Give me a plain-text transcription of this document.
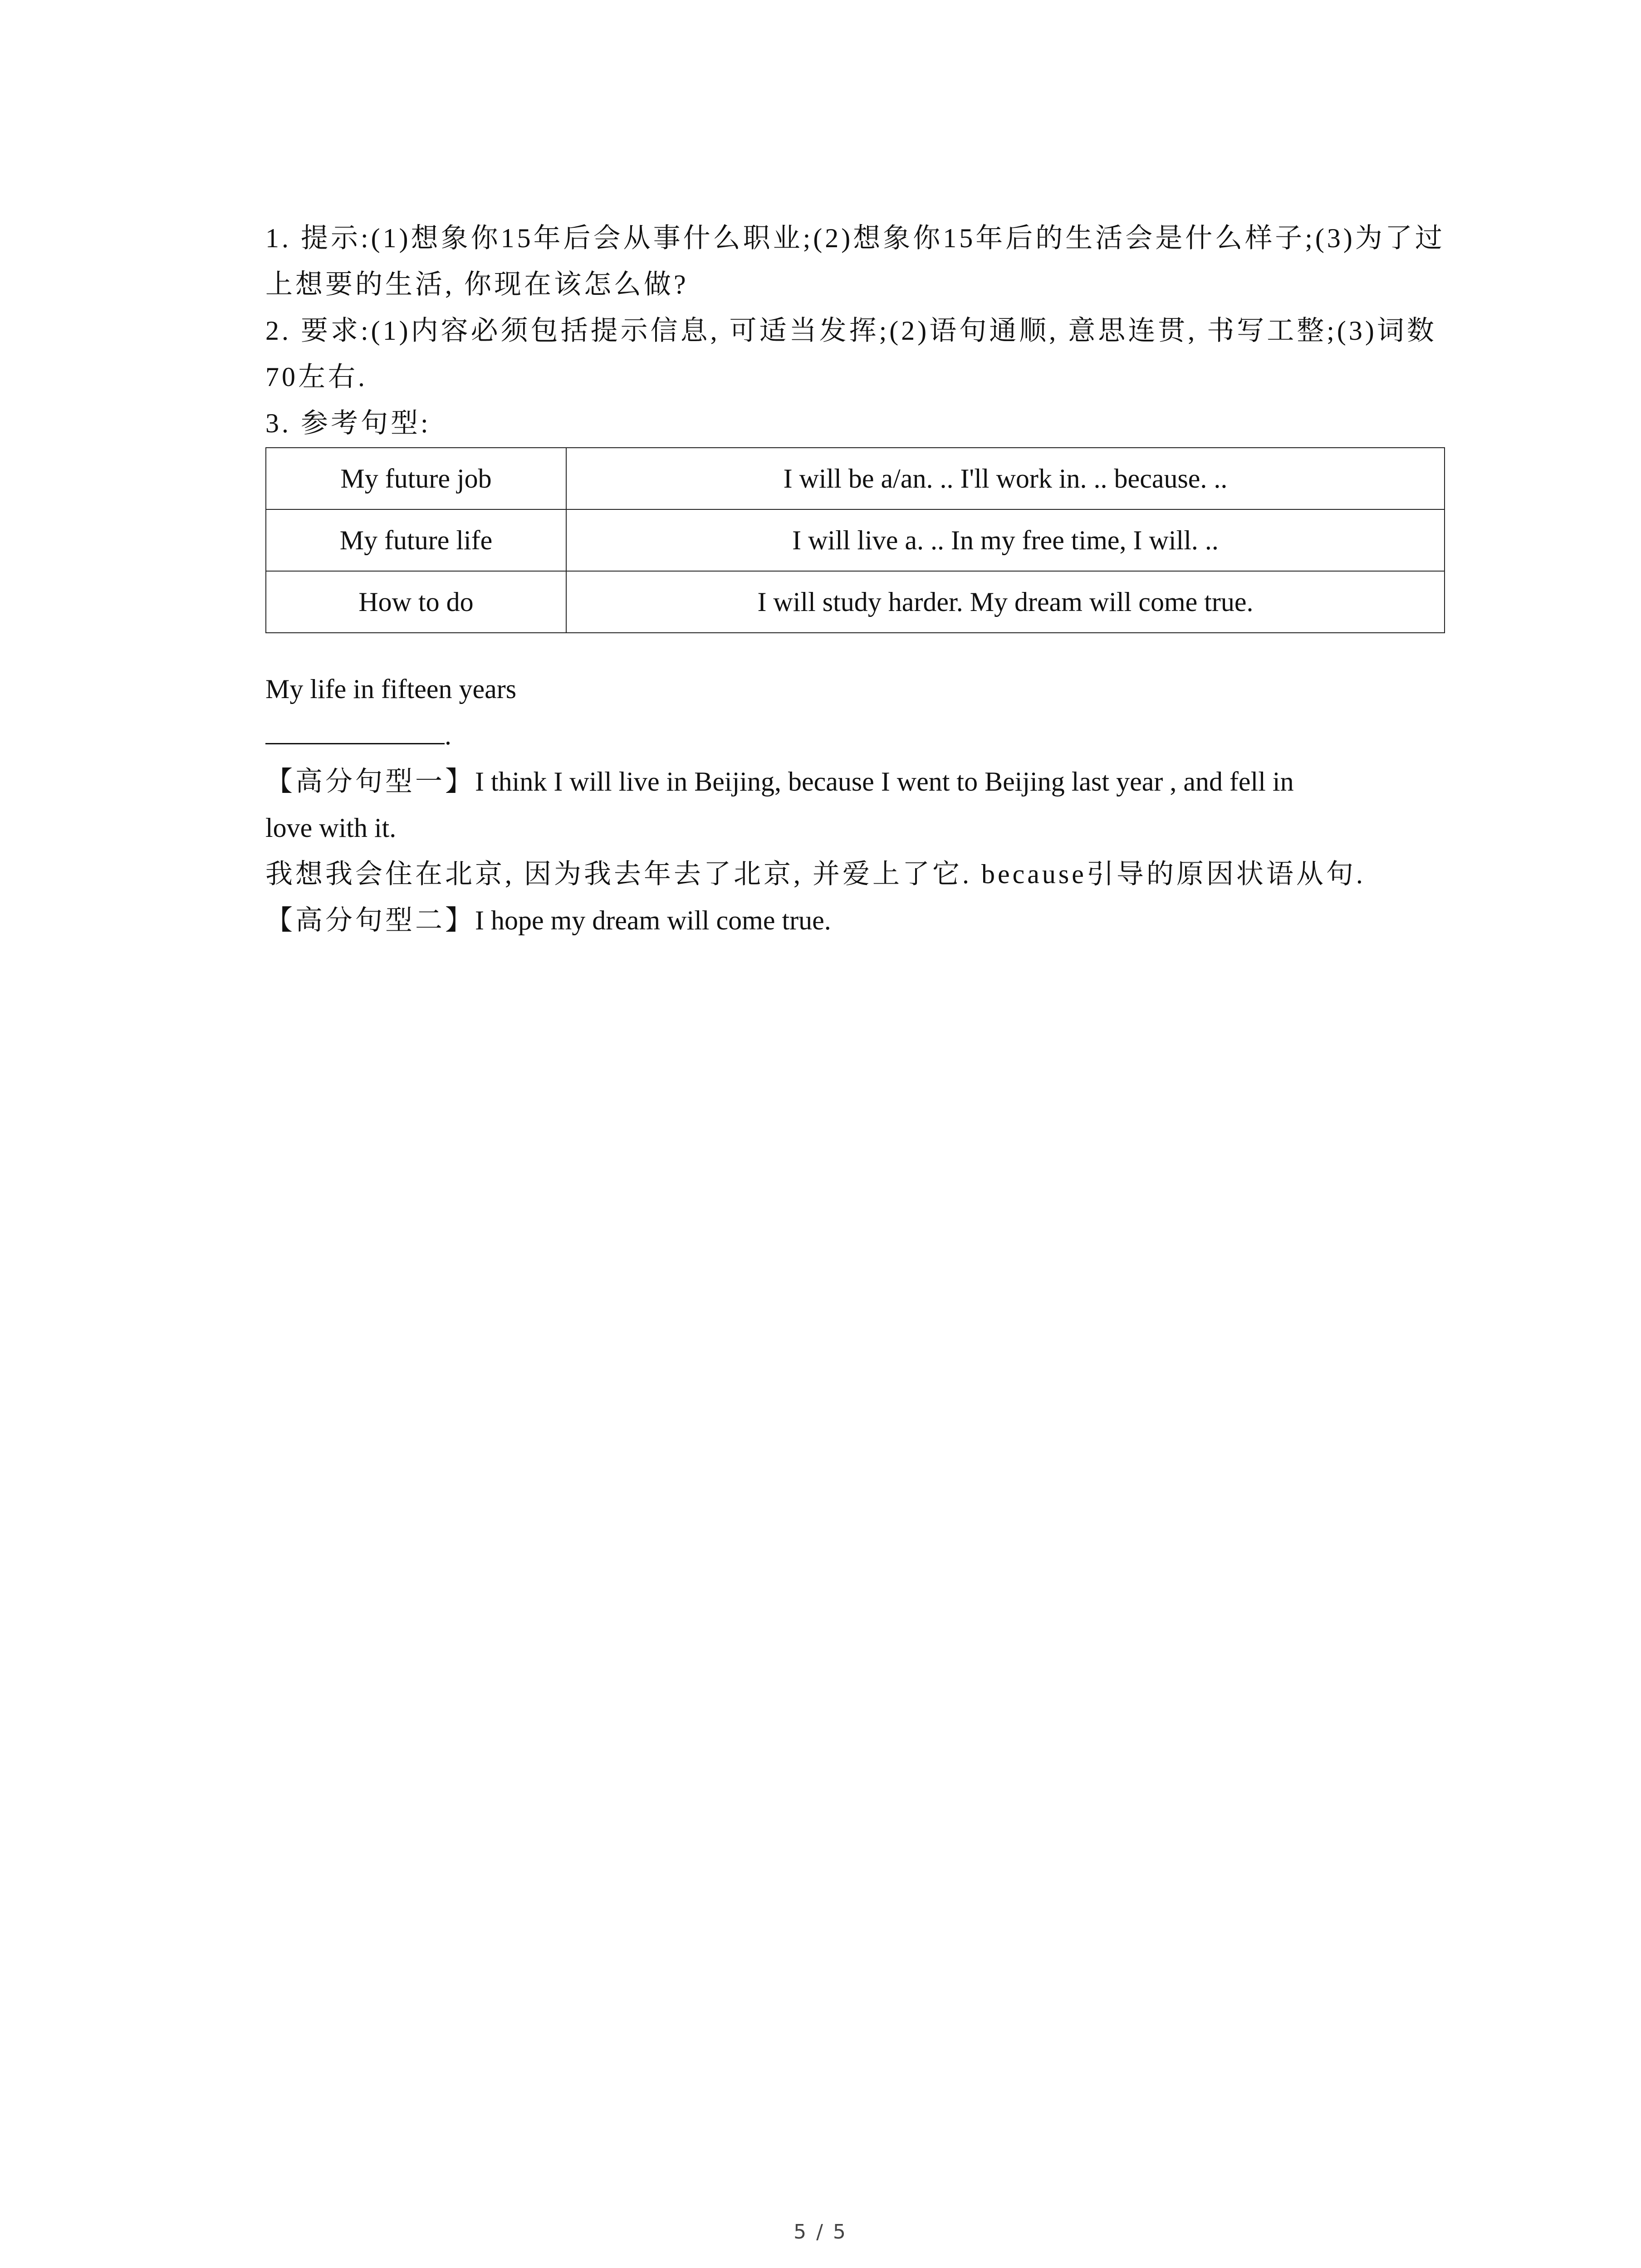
1. 提示:(1)想象你15年后会从事什么职业;(2)想象你15年后的生活会是什么样子;(3)为了过

上想要的生活, 你现在该怎么做?

2. 要求:(1)内容必须包括提示信息, 可适当发挥;(2)语句通顺, 意思连贯, 书写工整;(3)词数

70左右.

3. 参考句型:

My future job	I will be a/an. .. I'll work in. .. because. ..
My future life	I will live a. .. In my free time, I will. ..
How to do	I will study harder. My dream will come true.

My life in fifteen years

.

【高分句型一】I think I will live in Beijing, because I went to Beijing last year , and fell in

love with it.

我想我会住在北京, 因为我去年去了北京, 并爱上了它. because引导的原因状语从句.

【高分句型二】I hope my dream will come true.

5 / 5
